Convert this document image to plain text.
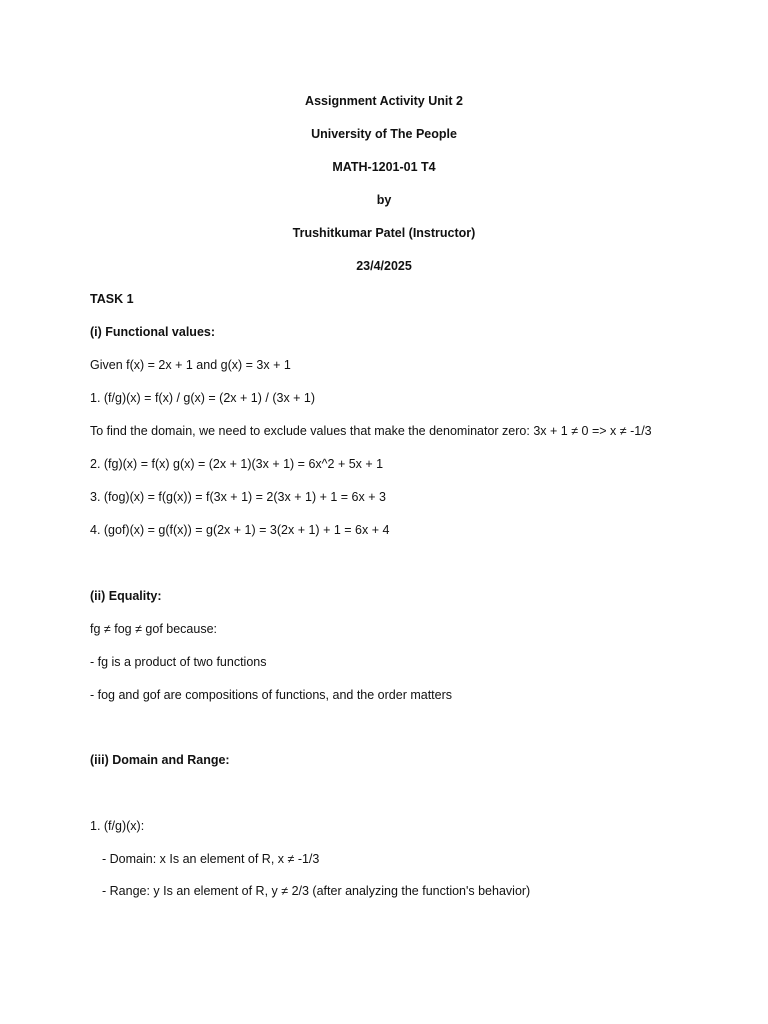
Assignment Activity Unit 2
University of The People
MATH-1201-01 T4
by
Trushitkumar Patel (Instructor)
23/4/2025
TASK 1
(i) Functional values:
Given f(x) = 2x + 1 and g(x) = 3x + 1
1. (f/g)(x) = f(x) / g(x) = (2x + 1) / (3x + 1)
To find the domain, we need to exclude values that make the denominator zero: 3x + 1 ≠ 0 => x ≠ -1/3
2. (fg)(x) = f(x) g(x) = (2x + 1)(3x + 1) = 6x^2 + 5x + 1
3. (fog)(x) = f(g(x)) = f(3x + 1) = 2(3x + 1) + 1 = 6x + 3
4. (gof)(x) = g(f(x)) = g(2x + 1) = 3(2x + 1) + 1 = 6x + 4
(ii) Equality:
fg ≠ fog ≠ gof because:
- fg is a product of two functions
- fog and gof are compositions of functions, and the order matters
(iii) Domain and Range:
1. (f/g)(x):
- Domain: x Is an element of R, x ≠ -1/3
- Range: y Is an element of R, y ≠ 2/3 (after analyzing the function's behavior)
